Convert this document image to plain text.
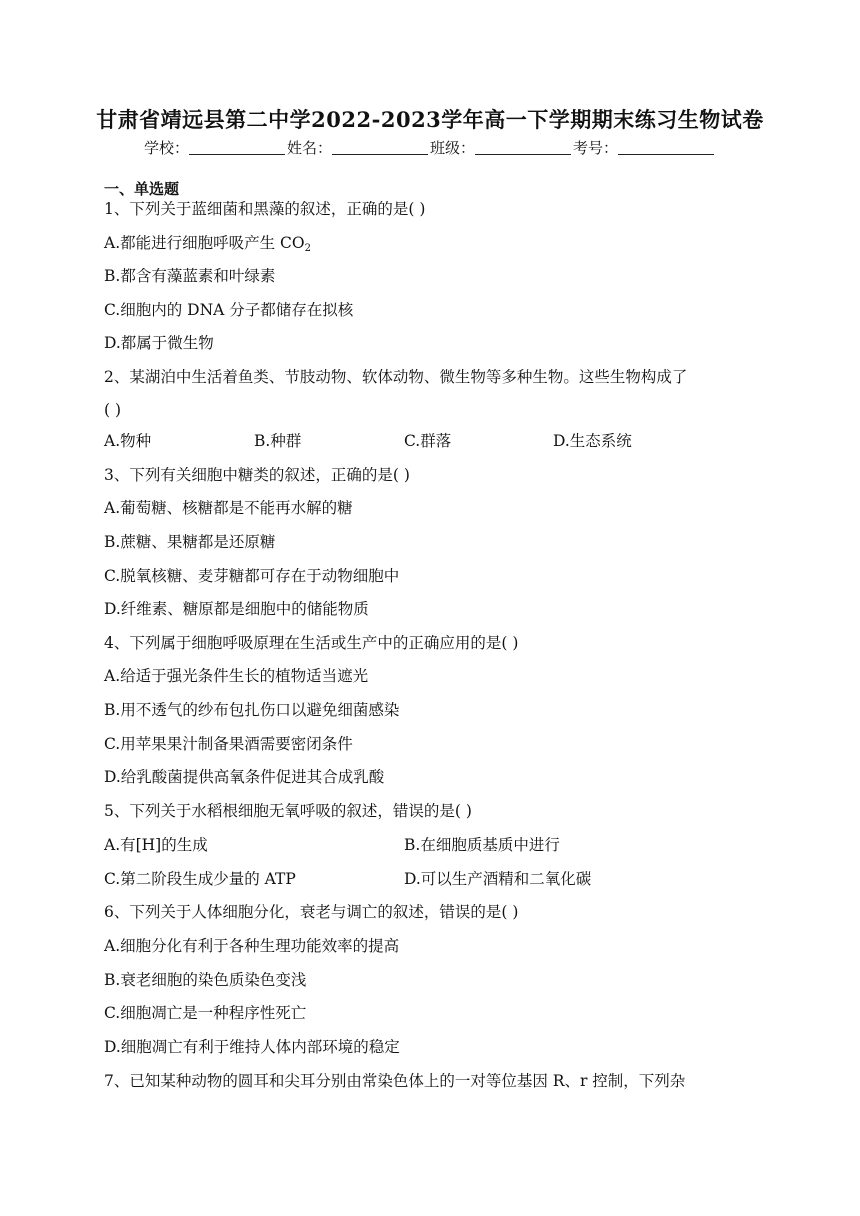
甘肃省靖远县第二中学2022-2023学年高一下学期期末练习生物试卷
学校：	姓名：	班级：	考号：
一、单选题
1、下列关于蓝细菌和黑藻的叙述，正确的是( )
A.都能进行细胞呼吸产生 $CO_2$
B.都含有藻蓝素和叶绿素
C.细胞内的 DNA 分子都储存在拟核
D.都属于微生物
2、某湖泊中生活着鱼类、节肢动物、软体动物、微生物等多种生物。这些生物构成了
( )
A.物种	B.种群	C.群落	D.生态系统
3、下列有关细胞中糖类的叙述，正确的是( )
A.葡萄糖、核糖都是不能再水解的糖
B.蔗糖、果糖都是还原糖
C.脱氧核糖、麦芽糖都可存在于动物细胞中
D.纤维素、糖原都是细胞中的储能物质
4、下列属于细胞呼吸原理在生活或生产中的正确应用的是( )
A.给适于强光条件生长的植物适当遮光
B.用不透气的纱布包扎伤口以避免细菌感染
C.用苹果果汁制备果酒需要密闭条件
D.给乳酸菌提供高氧条件促进其合成乳酸
5、下列关于水稻根细胞无氧呼吸的叙述，错误的是( )
A.有[H]的生成	B.在细胞质基质中进行
C.第二阶段生成少量的 ATP	D.可以生产酒精和二氧化碳
6、下列关于人体细胞分化，衰老与调亡的叙述，错误的是( )
A.细胞分化有利于各种生理功能效率的提高
B.衰老细胞的染色质染色变浅
C.细胞凋亡是一种程序性死亡
D.细胞凋亡有利于维持人体内部环境的稳定
7、已知某种动物的圆耳和尖耳分别由常染色体上的一对等位基因 R、r 控制，下列杂
